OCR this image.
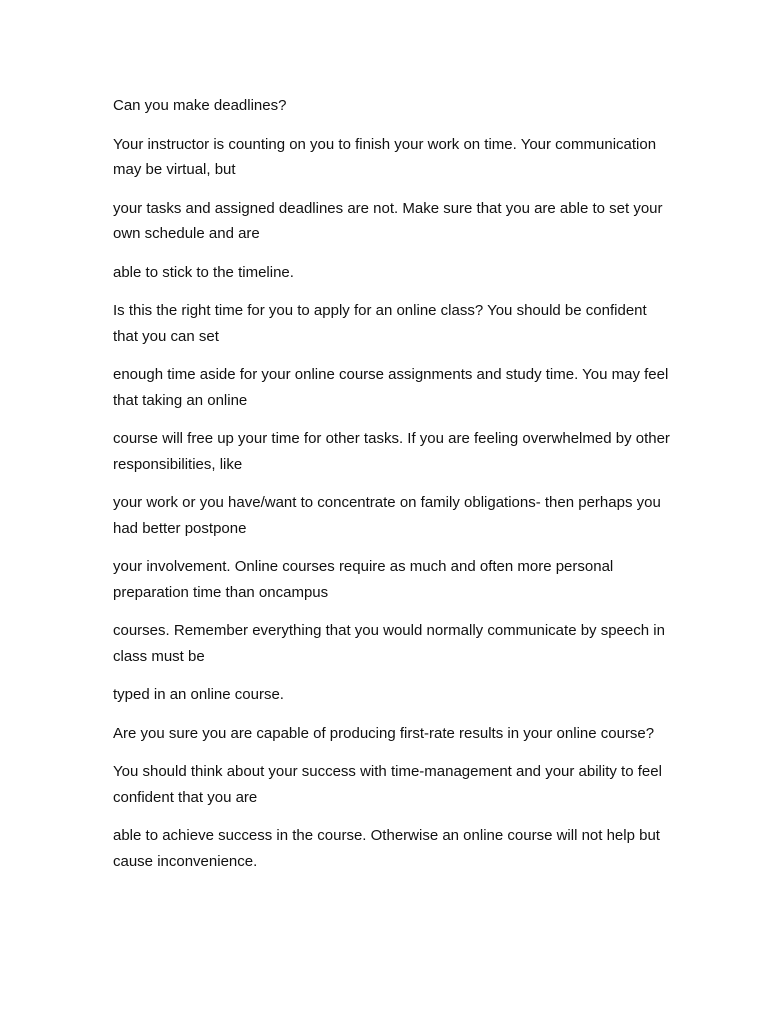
Can you make deadlines?

Your instructor is counting on you to finish your work on time. Your communication may be virtual, but

your tasks and assigned deadlines are not. Make sure that you are able to set your own schedule and are

able to stick to the timeline.

Is this the right time for you to apply for an online class? You should be confident that you can set

enough time aside for your online course assignments and study time. You may feel that taking an online

course will free up your time for other tasks. If you are feeling overwhelmed by other responsibilities, like

your work or you have/want to concentrate on family obligations- then perhaps you had better postpone

your involvement. Online courses require as much and often more personal preparation time than oncampus

courses. Remember everything that you would normally communicate by speech in class must be

typed in an online course.

Are you sure you are capable of producing first-rate results in your online course?

You should think about your success with time-management and your ability to feel confident that you are

able to achieve success in the course. Otherwise an online course will not help but cause inconvenience.
